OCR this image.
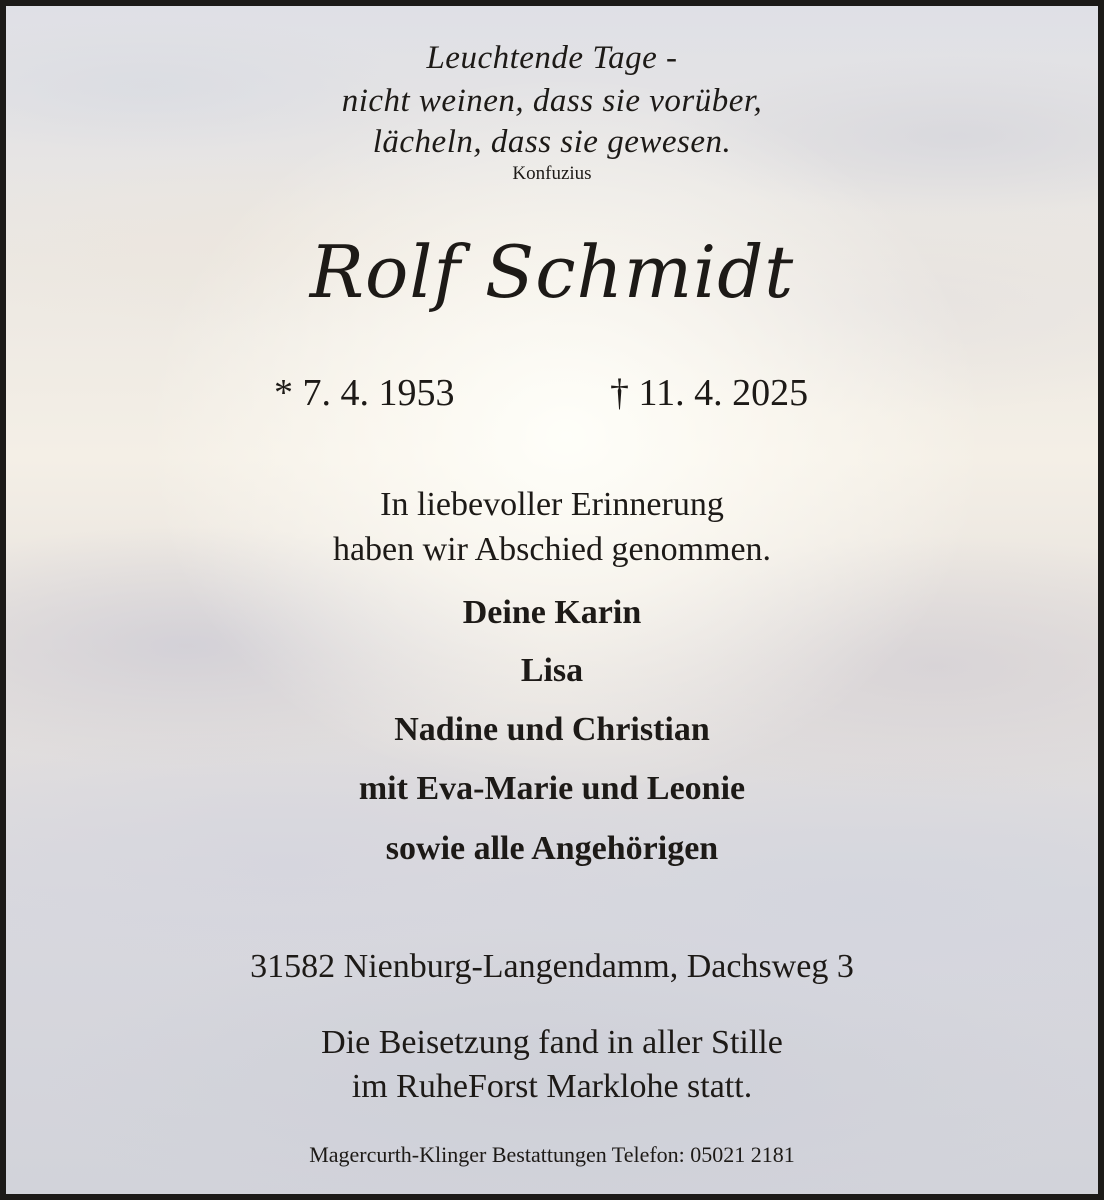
Leuchtende Tage -

nicht weinen, dass sie vorüber,

lächeln, dass sie gewesen.

Konfuzius

Rolf Schmidt

* 7. 4. 1953	† 11. 4. 2025

In liebevoller Erinnerung

haben wir Abschied genommen.

Deine Karin

Lisa

Nadine und Christian

mit Eva-Marie und Leonie

sowie alle Angehörigen

31582 Nienburg-Langendamm, Dachsweg 3

Die Beisetzung fand in aller Stille

im RuheForst Marklohe statt.

Magercurth-Klinger Bestattungen Telefon: 05021 2181
